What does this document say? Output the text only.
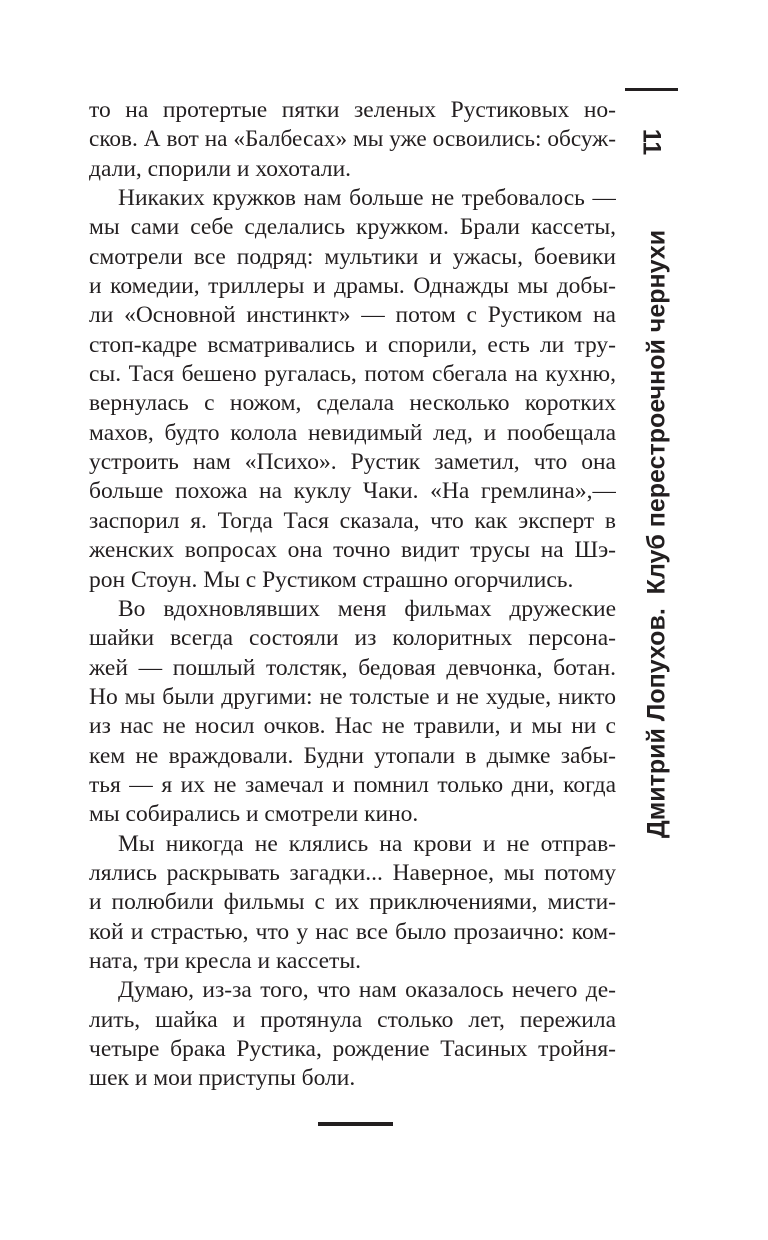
11
Дмитрий Лопухов.  Клуб перестроечной чернухи
то на протертые пятки зеленых Рустиковых но-
сков. А вот на «Балбесах» мы уже освоились: обсуж-
дали, спорили и хохотали.
Никаких кружков нам больше не требовалось —
мы сами себе сделались кружком. Брали кассеты,
смотрели все подряд: мультики и ужасы, боевики
и комедии, триллеры и драмы. Однажды мы добы-
ли «Основной инстинкт» — потом с Рустиком на
стоп-кадре всматривались и спорили, есть ли тру-
сы. Тася бешено ругалась, потом сбегала на кухню,
вернулась с ножом, сделала несколько коротких
махов, будто колола невидимый лед, и пообещала
устроить нам «Психо». Рустик заметил, что она
больше похожа на куклу Чаки. «На гремлина»,—
заспорил я. Тогда Тася сказала, что как эксперт в
женских вопросах она точно видит трусы на Шэ-
рон Стоун. Мы с Рустиком страшно огорчились.
Во вдохновлявших меня фильмах дружеские
шайки всегда состояли из колоритных персона-
жей — пошлый толстяк, бедовая девчонка, ботан.
Но мы были другими: не толстые и не худые, никто
из нас не носил очков. Нас не травили, и мы ни с
кем не враждовали. Будни утопали в дымке забы-
тья — я их не замечал и помнил только дни, когда
мы собирались и смотрели кино.
Мы никогда не клялись на крови и не отправ-
лялись раскрывать загадки... Наверное, мы потому
и полюбили фильмы с их приключениями, мисти-
кой и страстью, что у нас все было прозаично: ком-
ната, три кресла и кассеты.
Думаю, из-за того, что нам оказалось нечего де-
лить, шайка и протянула столько лет, пережила
четыре брака Рустика, рождение Тасиных тройня-
шек и мои приступы боли.
